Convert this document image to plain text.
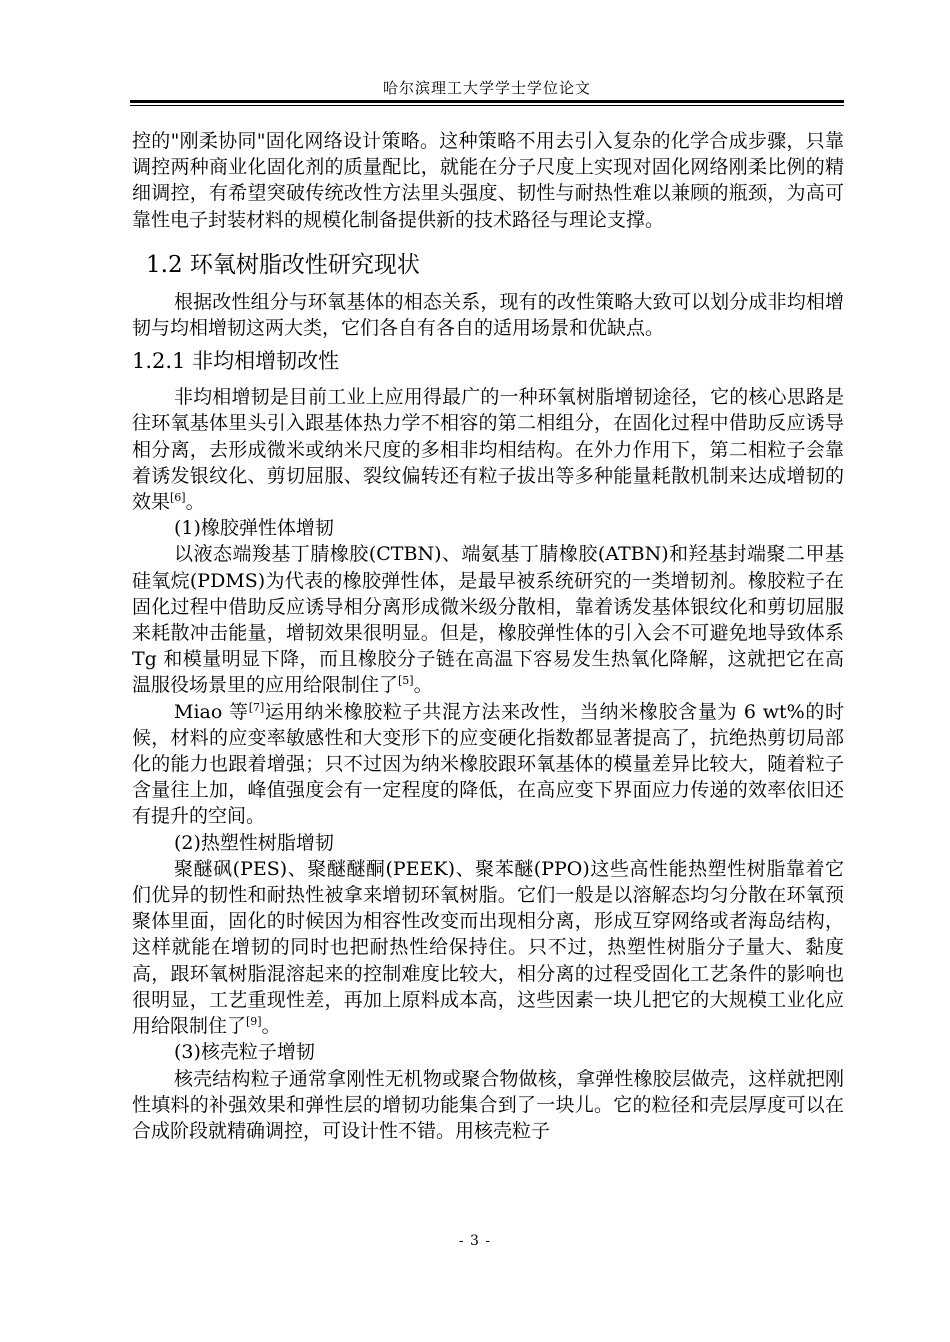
哈尔滨理工大学学士学位论文

控的"刚柔协同"固化网络设计策略。这种策略不用去引入复杂的化学合成步骤，只靠调控两种商业化固化剂的质量配比，就能在分子尺度上实现对固化网络刚柔比例的精细调控，有希望突破传统改性方法里头强度、韧性与耐热性难以兼顾的瓶颈，为高可靠性电子封装材料的规模化制备提供新的技术路径与理论支撑。

1.2 环氧树脂改性研究现状

根据改性组分与环氧基体的相态关系，现有的改性策略大致可以划分成非均相增韧与均相增韧这两大类，它们各自有各自的适用场景和优缺点。

1.2.1 非均相增韧改性

非均相增韧是目前工业上应用得最广的一种环氧树脂增韧途径，它的核心思路是往环氧基体里头引入跟基体热力学不相容的第二相组分，在固化过程中借助反应诱导相分离，去形成微米或纳米尺度的多相非均相结构。在外力作用下，第二相粒子会靠着诱发银纹化、剪切屈服、裂纹偏转还有粒子拔出等多种能量耗散机制来达成增韧的效果[6]。

(1)橡胶弹性体增韧

以液态端羧基丁腈橡胶(CTBN)、端氨基丁腈橡胶(ATBN)和羟基封端聚二甲基硅氧烷(PDMS)为代表的橡胶弹性体，是最早被系统研究的一类增韧剂。橡胶粒子在固化过程中借助反应诱导相分离形成微米级分散相，靠着诱发基体银纹化和剪切屈服来耗散冲击能量，增韧效果很明显。但是，橡胶弹性体的引入会不可避免地导致体系 Tg 和模量明显下降，而且橡胶分子链在高温下容易发生热氧化降解，这就把它在高温服役场景里的应用给限制住了[5]。

Miao 等[7]运用纳米橡胶粒子共混方法来改性，当纳米橡胶含量为 6 wt%的时候，材料的应变率敏感性和大变形下的应变硬化指数都显著提高了，抗绝热剪切局部化的能力也跟着增强；只不过因为纳米橡胶跟环氧基体的模量差异比较大，随着粒子含量往上加，峰值强度会有一定程度的降低，在高应变下界面应力传递的效率依旧还有提升的空间。

(2)热塑性树脂增韧

聚醚砜(PES)、聚醚醚酮(PEEK)、聚苯醚(PPO)这些高性能热塑性树脂靠着它们优异的韧性和耐热性被拿来增韧环氧树脂。它们一般是以溶解态均匀分散在环氧预聚体里面，固化的时候因为相容性改变而出现相分离，形成互穿网络或者海岛结构，这样就能在增韧的同时也把耐热性给保持住。只不过，热塑性树脂分子量大、黏度高，跟环氧树脂混溶起来的控制难度比较大，相分离的过程受固化工艺条件的影响也很明显，工艺重现性差，再加上原料成本高，这些因素一块儿把它的大规模工业化应用给限制住了[9]。

(3)核壳粒子增韧

核壳结构粒子通常拿刚性无机物或聚合物做核，拿弹性橡胶层做壳，这样就把刚性填料的补强效果和弹性层的增韧功能集合到了一块儿。它的粒径和壳层厚度可以在合成阶段就精确调控，可设计性不错。用核壳粒子

- 3 -
